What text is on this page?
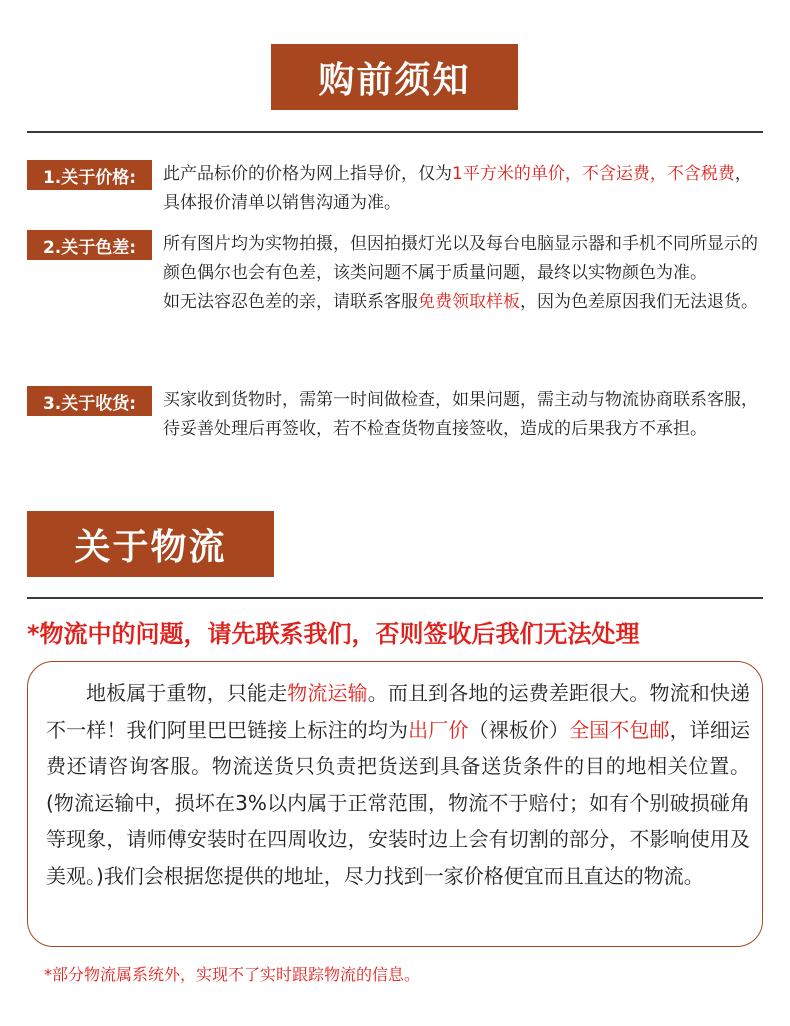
购前须知
1.关于价格:	此产品标价的价格为网上指导价，仅为1平方米的单价，不含运费，不含税费，具体报价清单以销售沟通为准。
2.关于色差:	所有图片均为实物拍摄，但因拍摄灯光以及每台电脑显示器和手机不同所显示的颜色偶尔也会有色差，该类问题不属于质量问题，最终以实物颜色为准。
如无法容忍色差的亲，请联系客服免费领取样板，因为色差原因我们无法退货。
3.关于收货:	买家收到货物时，需第一时间做检查，如果问题，需主动与物流协商联系客服，待妥善处理后再签收，若不检查货物直接签收，造成的后果我方不承担。
关于物流
*物流中的问题，请先联系我们，否则签收后我们无法处理

地板属于重物，只能走物流运输。而且到各地的运费差距很大。物流和快递不一样！我们阿里巴巴链接上标注的均为出厂价（裸板价）全国不包邮，详细运费还请咨询客服。物流送货只负责把货送到具备送货条件的目的地相关位置。(物流运输中，损坏在3%以内属于正常范围，物流不于赔付；如有个别破损碰角等现象，请师傅安装时在四周收边，安装时边上会有切割的部分，不影响使用及美观。)我们会根据您提供的地址，尽力找到一家价格便宜而且直达的物流。

*部分物流属系统外，实现不了实时跟踪物流的信息。
